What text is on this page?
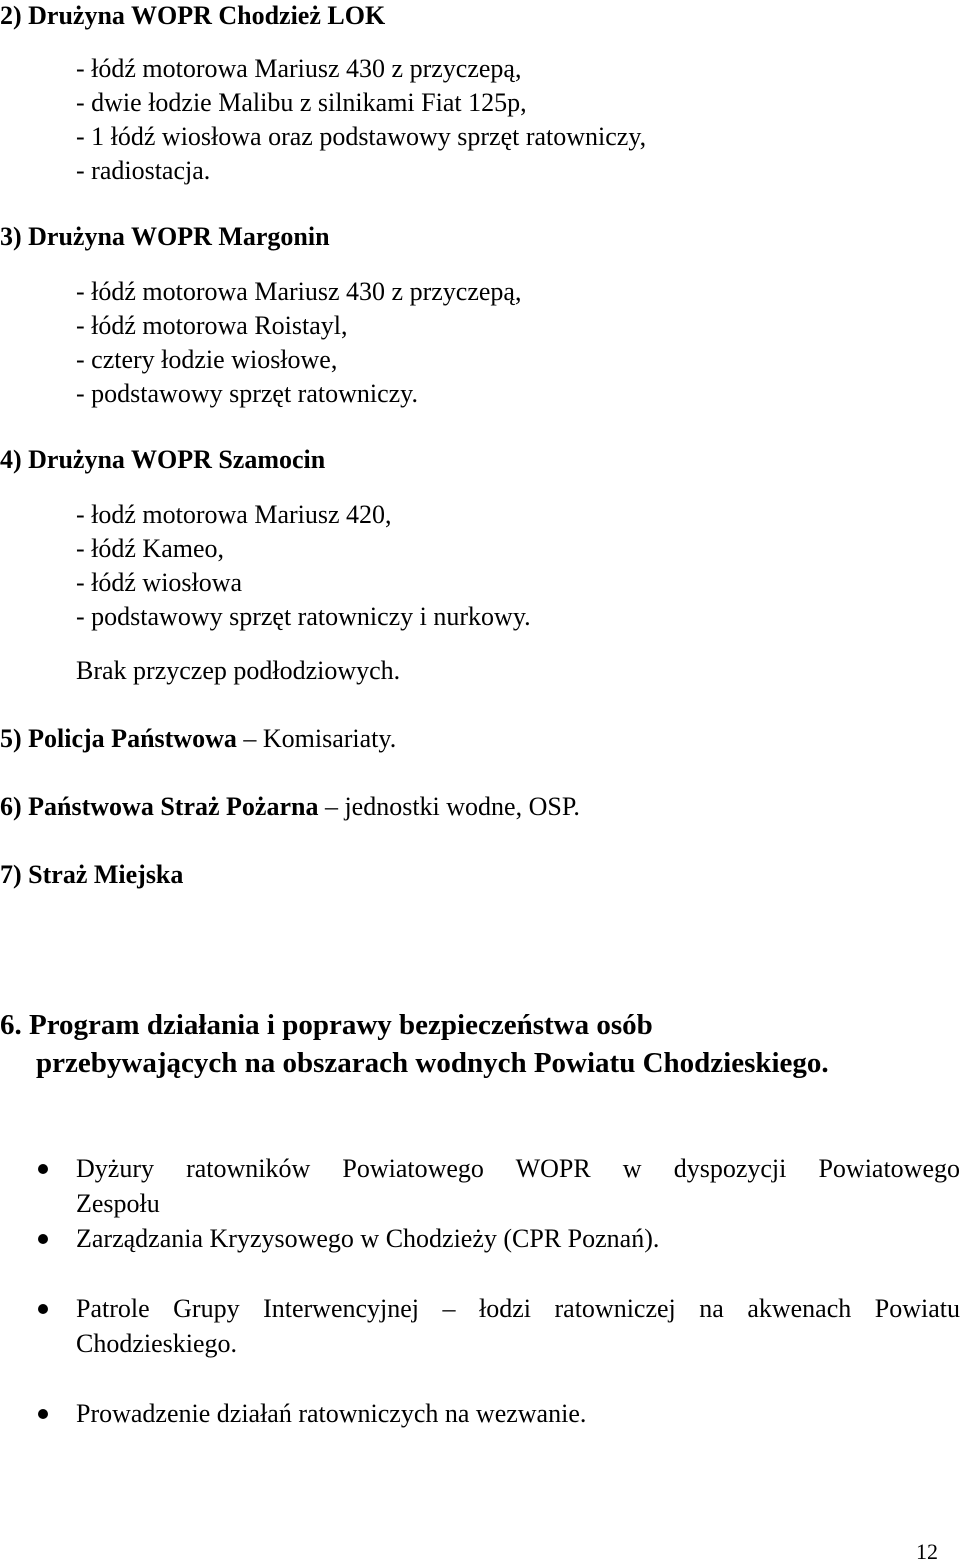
2) Drużyna WOPR Chodzież LOK
- łódź motorowa Mariusz 430 z przyczepą,
- dwie łodzie Malibu z silnikami Fiat 125p,
- 1 łódź wiosłowa oraz podstawowy sprzęt ratowniczy,
- radiostacja.
3) Drużyna WOPR Margonin
- łódź motorowa Mariusz 430 z przyczepą,
- łódź motorowa Roistayl,
- cztery łodzie wiosłowe,
- podstawowy sprzęt ratowniczy.
4) Drużyna WOPR Szamocin
- łodź motorowa Mariusz 420,
- łódź Kameo,
- łódź wiosłowa
- podstawowy sprzęt ratowniczy i nurkowy.
Brak przyczep podłodziowych.
5) Policja Państwowa – Komisariaty.
6) Państwowa Straż Pożarna – jednostki wodne, OSP.
7) Straż Miejska
6. Program działania i poprawy bezpieczeństwa osób
przebywających na obszarach wodnych Powiatu Chodzieskiego.
Dyżury ratowników Powiatowego WOPR w dyspozycji Powiatowego
Zespołu
Zarządzania Kryzysowego w Chodzieży (CPR Poznań).
Patrole Grupy Interwencyjnej – łodzi ratowniczej na akwenach Powiatu
Chodzieskiego.
Prowadzenie działań ratowniczych na wezwanie.
12
